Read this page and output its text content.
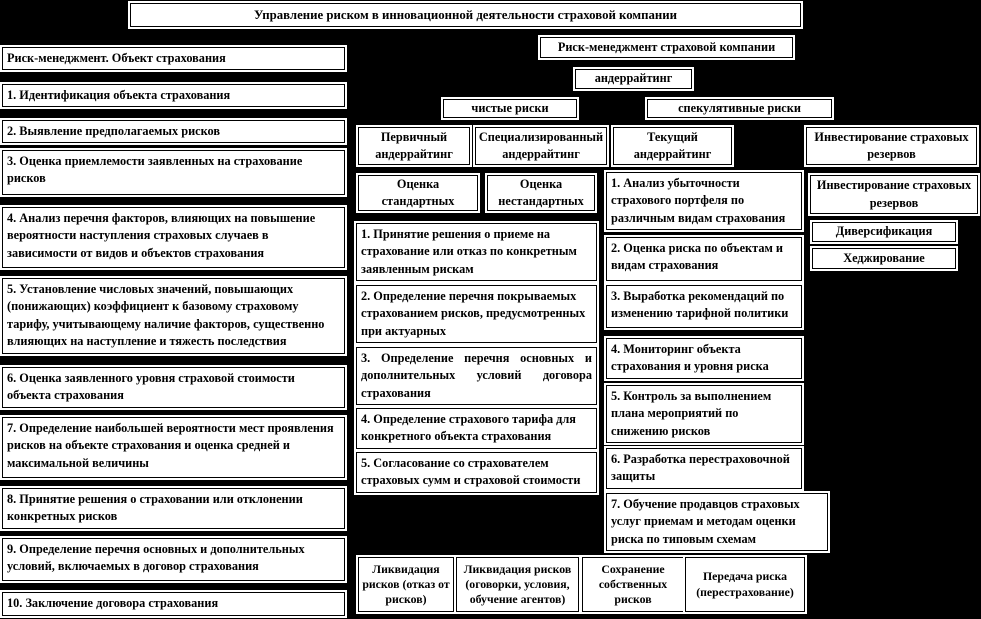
Управление риском в инновационной деятельности страховой компании
Риск-менеджмент страховой компании
андеррайтинг
чистые риски	спекулятивные риски
Первичный андеррайтинг
Специализированный андеррайтинг
Текущий андеррайтинг
Инвестирование страховых резервов
Риск-менеджмент. Объект страхования
1. Идентификация объекта страхования
2. Выявление предполагаемых рисков
3. Оценка приемлемости заявленных на страхование рисков
4. Анализ перечня факторов, влияющих на повышение вероятности наступления страховых случаев в зависимости от видов и объектов страхования
5. Установление числовых значений, повышающих (понижающих) коэффициент к базовому страховому тарифу, учитывающему наличие факторов, существенно влияющих на наступление и тяжесть последствия
6. Оценка заявленного уровня страховой стоимости объекта страхования
7. Определение наибольшей вероятности мест проявления рисков на объекте страхования и оценка средней и максимальной величины
8. Принятие решения о страховании или отклонении конкретных рисков
9. Определение перечня основных и дополнительных условий, включаемых в договор страхования
10. Заключение договора страхования
Оценка стандартных
Оценка нестандартных
1. Принятие решения о приеме на страхование или отказ по конкретным заявленным рискам
2. Определение перечня покрываемых страхованием рисков, предусмотренных при актуарных
3. Определение перечня основных и дополнительных условий договора страхования
4. Определение страхового тарифа для конкретного объекта страхования
5. Согласование со страхователем страховых сумм и страховой стоимости
1. Анализ убыточности страхового портфеля по различным видам страхования
2. Оценка риска по объектам и видам страхования
3. Выработка рекомендаций по изменению тарифной политики
4. Мониторинг объекта страхования и уровня риска
5. Контроль за выполнением плана мероприятий по снижению рисков
6. Разработка перестраховочной защиты
7. Обучение продавцов страховых услуг приемам и методам оценки риска по типовым схемам
Инвестирование страховых резервов
Диверсификация
Хеджирование
Ликвидация рисков (отказ от рисков)
Ликвидация рисков (оговорки, условия, обучение агентов)
Сохранение собственных рисков
Передача риска (перестрахование)
